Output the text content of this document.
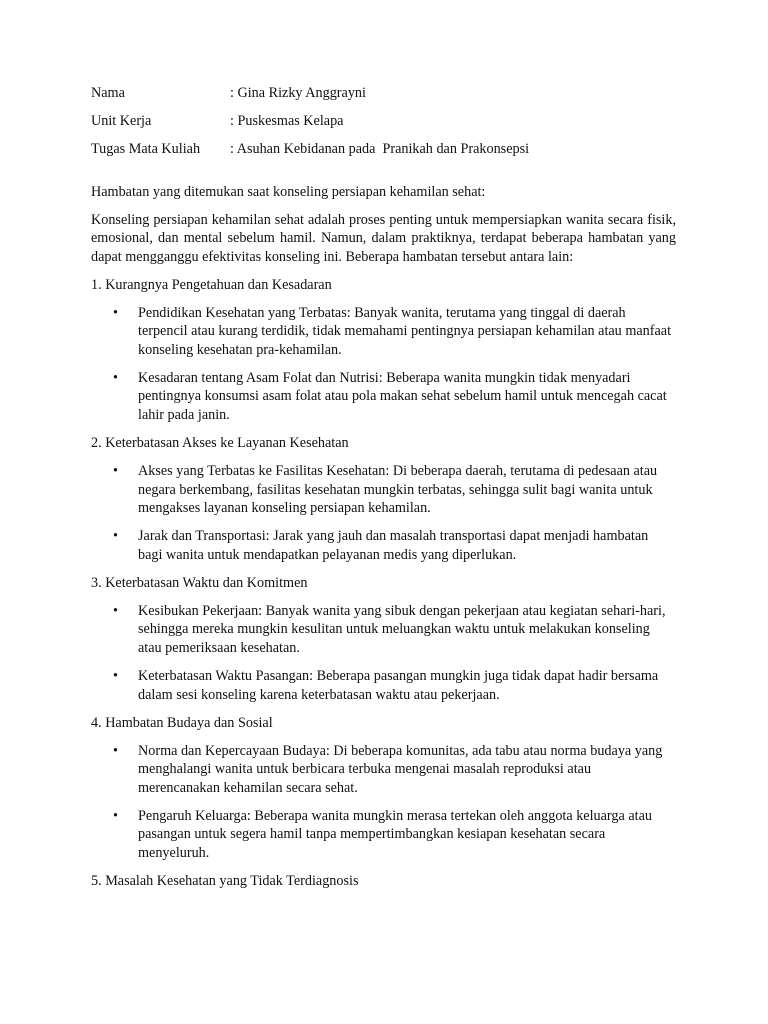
Nama	: Gina Rizky Anggrayni
Unit Kerja	: Puskesmas Kelapa
Tugas Mata Kuliah	: Asuhan Kebidanan pada  Pranikah dan Prakonsepsi
Hambatan yang ditemukan saat konseling persiapan kehamilan sehat:

Konseling persiapan kehamilan sehat adalah proses penting untuk mempersiapkan wanita secara fisik, emosional, dan mental sebelum hamil. Namun, dalam praktiknya, terdapat beberapa hambatan yang dapat mengganggu efektivitas konseling ini. Beberapa hambatan tersebut antara lain:

1. Kurangnya Pengetahuan dan Kesadaran
• Pendidikan Kesehatan yang Terbatas: Banyak wanita, terutama yang tinggal di daerah terpencil atau kurang terdidik, tidak memahami pentingnya persiapan kehamilan atau manfaat konseling kesehatan pra-kehamilan.
• Kesadaran tentang Asam Folat dan Nutrisi: Beberapa wanita mungkin tidak menyadari pentingnya konsumsi asam folat atau pola makan sehat sebelum hamil untuk mencegah cacat lahir pada janin.
2. Keterbatasan Akses ke Layanan Kesehatan
• Akses yang Terbatas ke Fasilitas Kesehatan: Di beberapa daerah, terutama di pedesaan atau negara berkembang, fasilitas kesehatan mungkin terbatas, sehingga sulit bagi wanita untuk mengakses layanan konseling persiapan kehamilan.
• Jarak dan Transportasi: Jarak yang jauh dan masalah transportasi dapat menjadi hambatan bagi wanita untuk mendapatkan pelayanan medis yang diperlukan.
3. Keterbatasan Waktu dan Komitmen
• Kesibukan Pekerjaan: Banyak wanita yang sibuk dengan pekerjaan atau kegiatan sehari-hari, sehingga mereka mungkin kesulitan untuk meluangkan waktu untuk melakukan konseling atau pemeriksaan kesehatan.
• Keterbatasan Waktu Pasangan: Beberapa pasangan mungkin juga tidak dapat hadir bersama dalam sesi konseling karena keterbatasan waktu atau pekerjaan.
4. Hambatan Budaya dan Sosial
• Norma dan Kepercayaan Budaya: Di beberapa komunitas, ada tabu atau norma budaya yang menghalangi wanita untuk berbicara terbuka mengenai masalah reproduksi atau merencanakan kehamilan secara sehat.
• Pengaruh Keluarga: Beberapa wanita mungkin merasa tertekan oleh anggota keluarga atau pasangan untuk segera hamil tanpa mempertimbangkan kesiapan kesehatan secara menyeluruh.
5. Masalah Kesehatan yang Tidak Terdiagnosis
